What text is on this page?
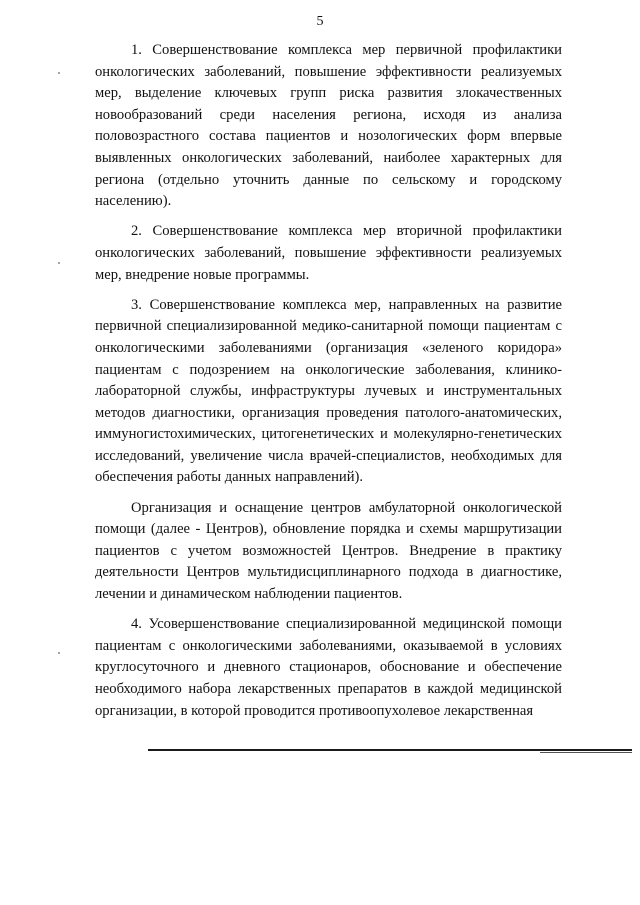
5

1. Совершенствование комплекса мер первичной профилактики онкологических заболеваний, повышение эффективности реализуемых мер, выделение ключевых групп риска развития злокачественных новообразований среди населения региона, исходя из анализа половозрастного состава пациентов и нозологических форм впервые выявленных онкологических заболеваний, наиболее характерных для региона (отдельно уточнить данные по сельскому и городскому населению).

2. Совершенствование комплекса мер вторичной профилактики онкологических заболеваний, повышение эффективности реализуемых мер, внедрение новые программы.

3. Совершенствование комплекса мер, направленных на развитие первичной специализированной медико-санитарной помощи пациентам с онкологическими заболеваниями (организация «зеленого коридора» пациентам с подозрением на онкологические заболевания, клинико-лабораторной службы, инфраструктуры лучевых и инструментальных методов диагностики, организация проведения патолого-анатомических, иммуногистохимических, цитогенетических и молекулярно-генетических исследований, увеличение числа врачей-специалистов, необходимых для обеспечения работы данных направлений).

Организация и оснащение центров амбулаторной онкологической помощи (далее - Центров), обновление порядка и схемы маршрутизации пациентов с учетом возможностей Центров. Внедрение в практику деятельности Центров мультидисциплинарного подхода в диагностике, лечении и динамическом наблюдении пациентов.

4. Усовершенствование специализированной медицинской помощи пациентам с онкологическими заболеваниями, оказываемой в условиях круглосуточного и дневного стационаров, обоснование и обеспечение необходимого набора лекарственных препаратов в каждой медицинской организации, в которой проводится противоопухолевое лекарственная
